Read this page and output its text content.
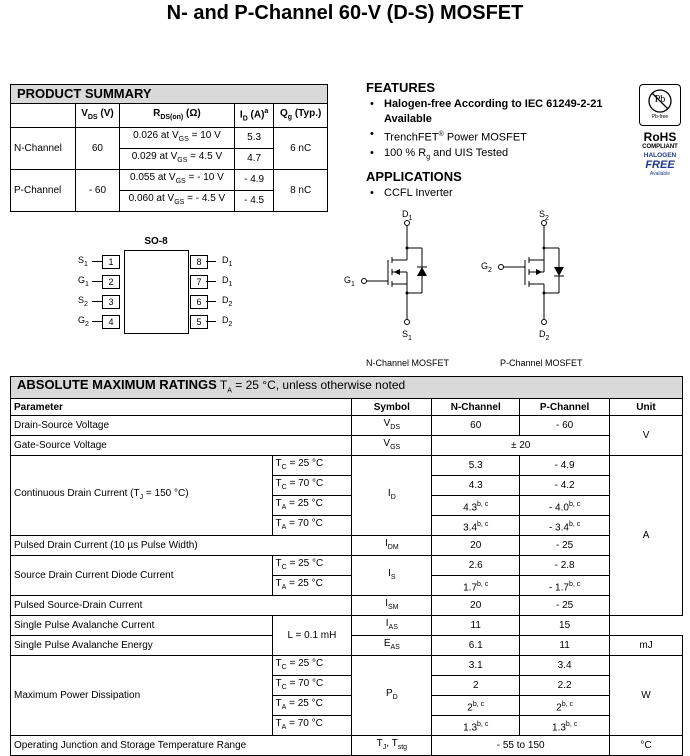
N- and P-Channel 60-V (D-S) MOSFET
PRODUCT SUMMARY				
	$V_{DS}$ (V)	$R_{DS(on)}$ (Ω)	$I_D$ $(A)^a$	$Q_g$ (Typ.)
N-Channel	60	0.026 at $V_{GS} = 10$ V	5.3	6 nC
		0.029 at $V_{GS} = 4.5$ V	4.7	
P-Channel	- 60	0.055 at $V_{GS}$ = - 10 V	- 4.9	8 nC
		0.060 at $V_{GS}$ = - 4.5 V	- 4.5	
FEATURES
• Halogen-free According to IEC 61249-2-21
Available
• TrenchFET® Power MOSFET
• 100 % $R_g$ and UIS Tested
APPLICATIONS
• CCFL Inverter
Pb
Pb-free
RoHS
COMPLIANT
HALOGEN
FREE
Available
SO-8
$S_1$	1
$G_1$	2
$S_2$	3
$G_2$	4
$D_1$
8
$D_1$
7
$D_2$
6
$D_2$
5
$D_1$
$G_1$
$S_1$
N-Channel MOSFET
$S_2$
$G_2$
$D_2$
P-Channel MOSFET
ABSOLUTE MAXIMUM RATINGS $T_A = 25$ °C, unless otherwise noted					
Parameter		Symbol	N-Channel	P-Channel	Unit
Drain-Source Voltage		$V_{DS}$	60	- 60	V
Gate-Source Voltage		$V_{GS}$	± 20		
Continuous Drain Current ($T_J = 150$ °C)	$T_C = 25$ °C	$I_D$	5.3	- 4.9	A
	$T_C = 70$ °C		4.3	- 4.2	
	$T_A = 25$ °C		4.3$^{b, c}$	- 4.0$^{b, c}$
	$T_A = 70$ °C		3.4$^{b, c}$	- 3.4$^{b, c}$
Pulsed Drain Current (10 µs Pulse Width)		$I_{DM}$	20	- 25	
Source Drain Current Diode Current	$T_C = 25$ °C	$I_S$	2.6	- 2.8	
	$T_A = 25$ °C		1.7$^{b, c}$	- 1.7$^{b, c}$
Pulsed Source-Drain Current		$I_{SM}$	20	- 25	
Single Pulse Avalanche Current	L = 0.1 mH	$I_{AS}$	11	15	
Single Pulse Avalanche Energy		$E_{AS}$	6.1	11	mJ
Maximum Power Dissipation	$T_C = 25$ °C	$P_D$	3.1	3.4	W
	$T_C = 70$ °C		2	2.2	
	$T_A = 25$ °C		2$^{b, c}$	2$^{b, c}$
	$T_A = 70$ °C		1.3$^{b, c}$	1.3$^{b, c}$
Operating Junction and Storage Temperature Range		$T_J$, $T_{stg}$	- 55 to 150		°C
